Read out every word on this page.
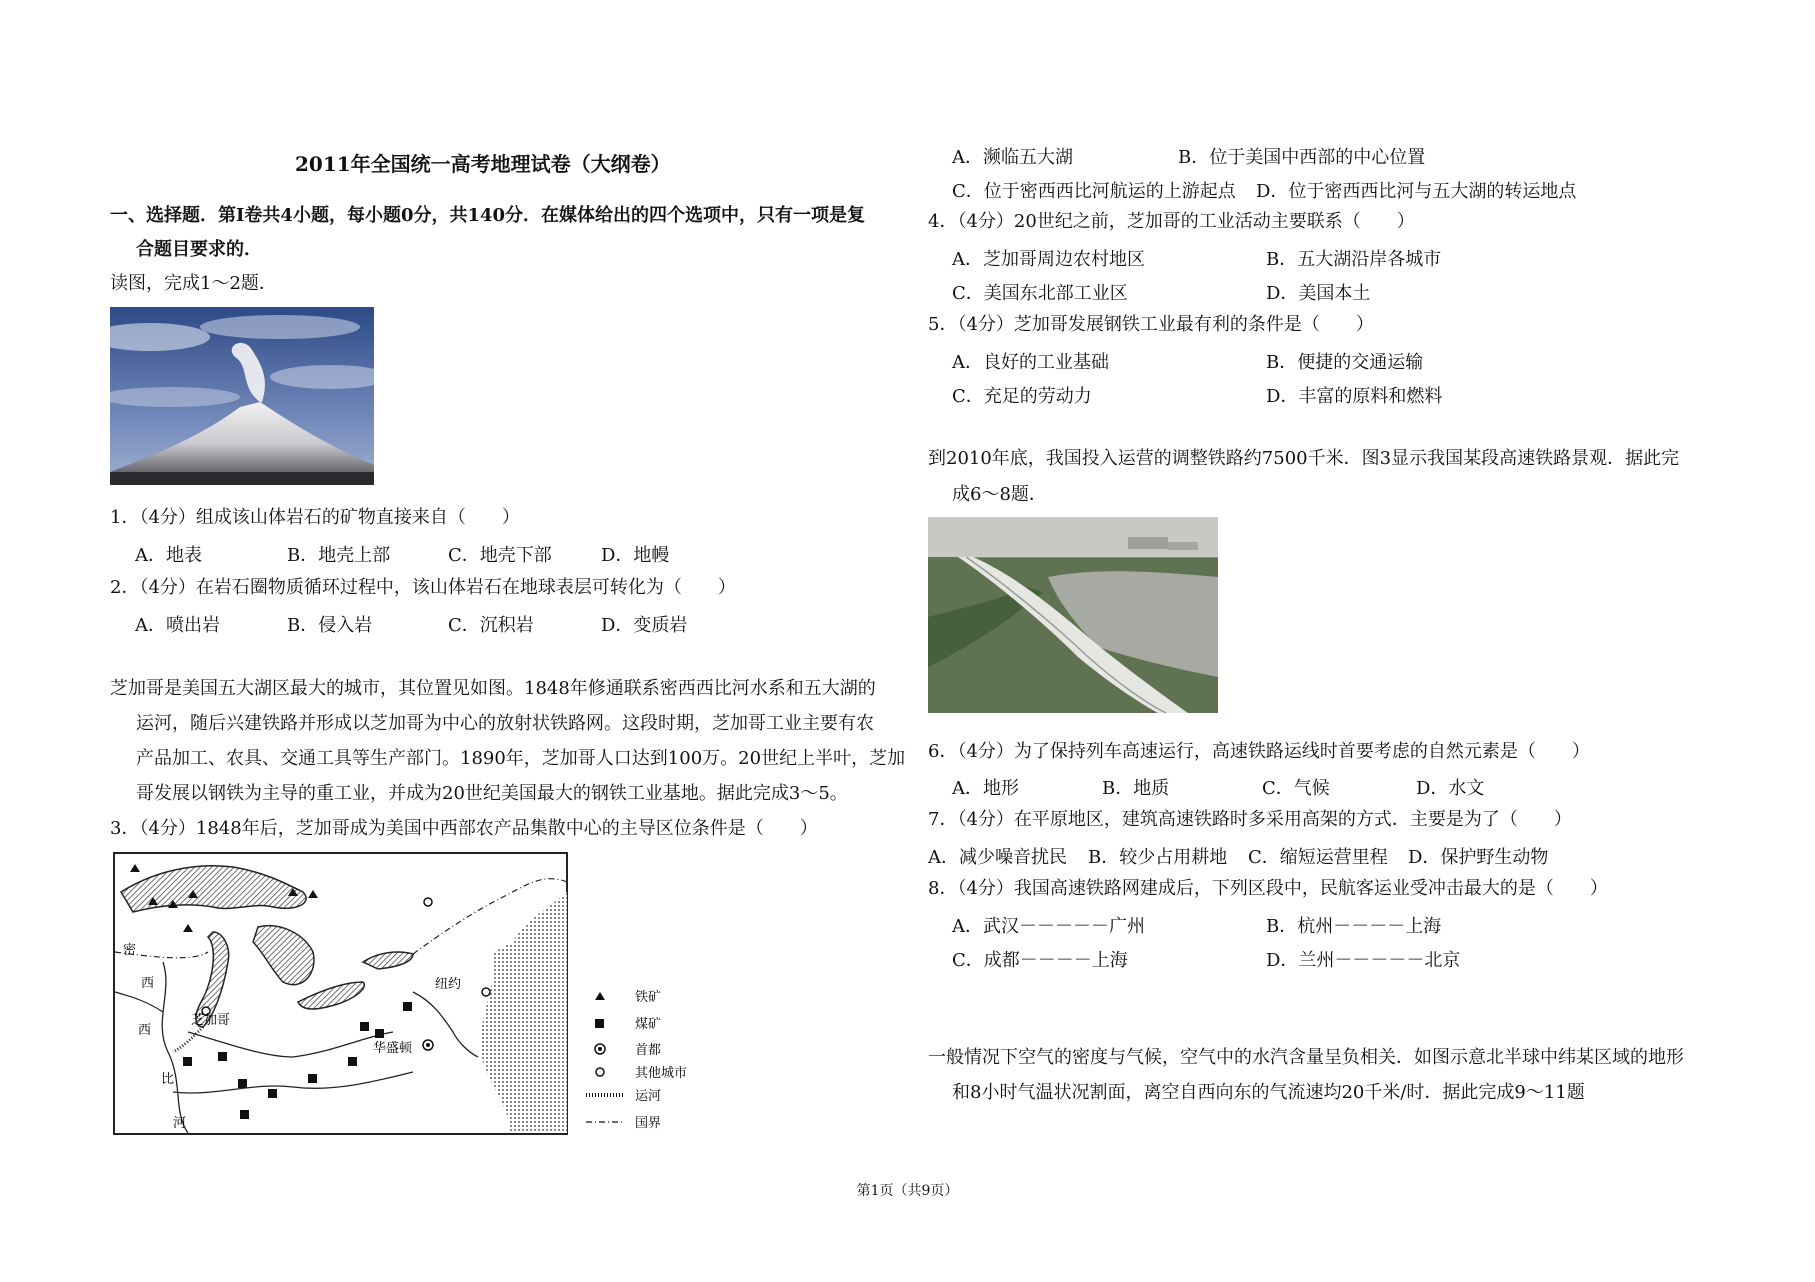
2011年全国统一高考地理试卷（大纲卷）
一、选择题．第Ⅰ卷共4小题，每小题0分，共140分．在媒体给出的四个选项中，只有一项是复
合题目要求的．
读图，完成1～2题．
1．（4分）组成该山体岩石的矿物直接来自（　　）
A．地表	B．地壳上部	C．地壳下部	D．地幔
2．（4分）在岩石圈物质循环过程中，该山体岩石在地球表层可转化为（　　）
A．喷出岩	B．侵入岩	C．沉积岩	D．变质岩
芝加哥是美国五大湖区最大的城市，其位置见如图。1848年修通联系密西西比河水系和五大湖的
运河，随后兴建铁路并形成以芝加哥为中心的放射状铁路网。这段时期，芝加哥工业主要有农
产品加工、农具、交通工具等生产部门。1890年，芝加哥人口达到100万。20世纪上半叶，芝加
哥发展以钢铁为主导的重工业，并成为20世纪美国最大的钢铁工业基地。据此完成3～5。
3．（4分）1848年后，芝加哥成为美国中西部农产品集散中心的主导区位条件是（　　）
密
西
西
比
河
芝加哥
纽约
华盛顿
铁矿
煤矿
首都
其他城市
运河
国界
A．濒临五大湖	B．位于美国中西部的中心位置
C．位于密西西比河航运的上游起点 D．位于密西西比河与五大湖的转运地点
4．（4分）20世纪之前，芝加哥的工业活动主要联系（　　）
A．芝加哥周边农村地区	B．五大湖沿岸各城市
C．美国东北部工业区	D．美国本土
5．（4分）芝加哥发展钢铁工业最有利的条件是（　　）
A．良好的工业基础	B．便捷的交通运输
C．充足的劳动力	D．丰富的原料和燃料
到2010年底，我国投入运营的调整铁路约7500千米．图3显示我国某段高速铁路景观．据此完
成6～8题．
6．（4分）为了保持列车高速运行，高速铁路运线时首要考虑的自然元素是（　　）
A．地形	B．地质	C．气候	D．水文
7．（4分）在平原地区，建筑高速铁路时多采用高架的方式．主要是为了（　　）
A．减少噪音扰民 B．较少占用耕地 C．缩短运营里程 D．保护野生动物
8．（4分）我国高速铁路网建成后，下列区段中，民航客运业受冲击最大的是（　　）
A．武汉－－－－－广州	B．杭州－－－－上海
C．成都－－－－上海	D．兰州－－－－－北京
一般情况下空气的密度与气候，空气中的水汽含量呈负相关．如图示意北半球中纬某区域的地形
和8小时气温状况割面，离空自西向东的气流速均20千米/时．据此完成9～11题
第1页（共9页）
